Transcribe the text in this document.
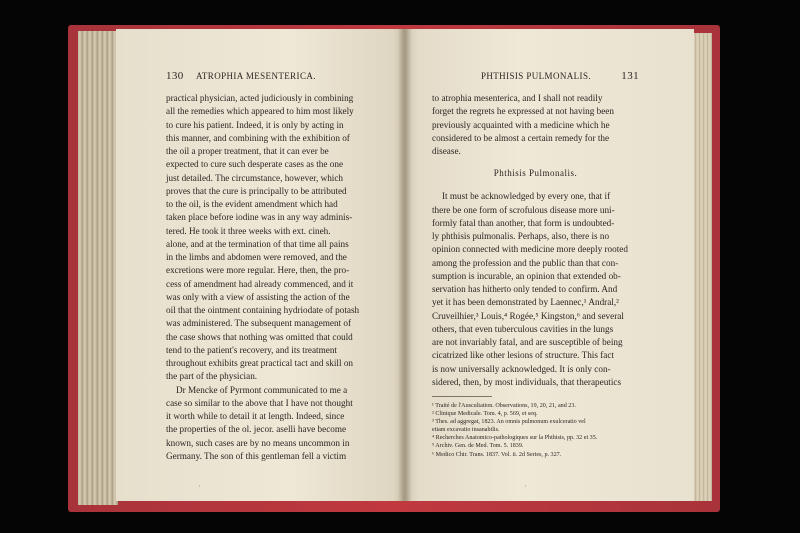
130 ATROPHIA MESENTERICA.

practical physician, acted judiciously in combining

all the remedies which appeared to him most likely

to cure his patient. Indeed, it is only by acting in

this manner, and combining with the exhibition of

the oil a proper treatment, that it can ever be

expected to cure such desperate cases as the one

just detailed. The circumstance, however, which

proves that the cure is principally to be attributed

to the oil, is the evident amendment which had

taken place before iodine was in any way adminis-

tered. He took it three weeks with ext. cineh.

alone, and at the termination of that time all pains

in the limbs and abdomen were removed, and the

excretions were more regular. Here, then, the pro-

cess of amendment had already commenced, and it

was only with a view of assisting the action of the

oil that the ointment containing hydriodate of potash

was administered. The subsequent management of

the case shows that nothing was omitted that could

tend to the patient's recovery, and its treatment

throughout exhibits great practical tact and skill on

the part of the physician.

Dr Mencke of Pyrmont communicated to me a

case so similar to the above that I have not thought

it worth while to detail it at length. Indeed, since

the properties of the ol. jecor. aselli have become

known, such cases are by no means uncommon in

Germany. The son of this gentleman fell a victim

·
PHTHISIS PULMONALIS.	131

to atrophia mesenterica, and I shall not readily

forget the regrets he expressed at not having been

previously acquainted with a medicine which he

considered to be almost a certain remedy for the

disease.

Phthisis Pulmonalis.

It must be acknowledged by every one, that if

there be one form of scrofulous disease more uni-

formly fatal than another, that form is undoubted-

ly phthisis pulmonalis. Perhaps, also, there is no

opinion connected with medicine more deeply rooted

among the profession and the public than that con-

sumption is incurable, an opinion that extended ob-

servation has hitherto only tended to confirm. And

yet it has been demonstrated by Laennec,¹ Andral,²

Cruveilhier,³ Louis,⁴ Rogée,⁵ Kingston,⁶ and several

others, that even tuberculous cavities in the lungs

are not invariably fatal, and are susceptible of being

cicatrized like other lesions of structure. This fact

is now universally acknowledged. It is only con-

sidered, then, by most individuals, that therapeutics

¹ Traité de l'Auscultation. Observations, 19, 20, 21, and 23.

² Clinique Medicale. Tom. 4, p. 569, et seq.

³ Thes. ad aggregat, 1823. An omnis pulmonum exulceratio vel

etiam excavatio insanabilis.

⁴ Recherches Anatomico-pathologiques sur la Phthisis, pp. 32 et 35.

⁵ Archiv. Gen. de Med. Tom. 5. 1839.

⁶ Medico Chir. Trans. 1837. Vol. ii. 2d Series, p. 327.

·
